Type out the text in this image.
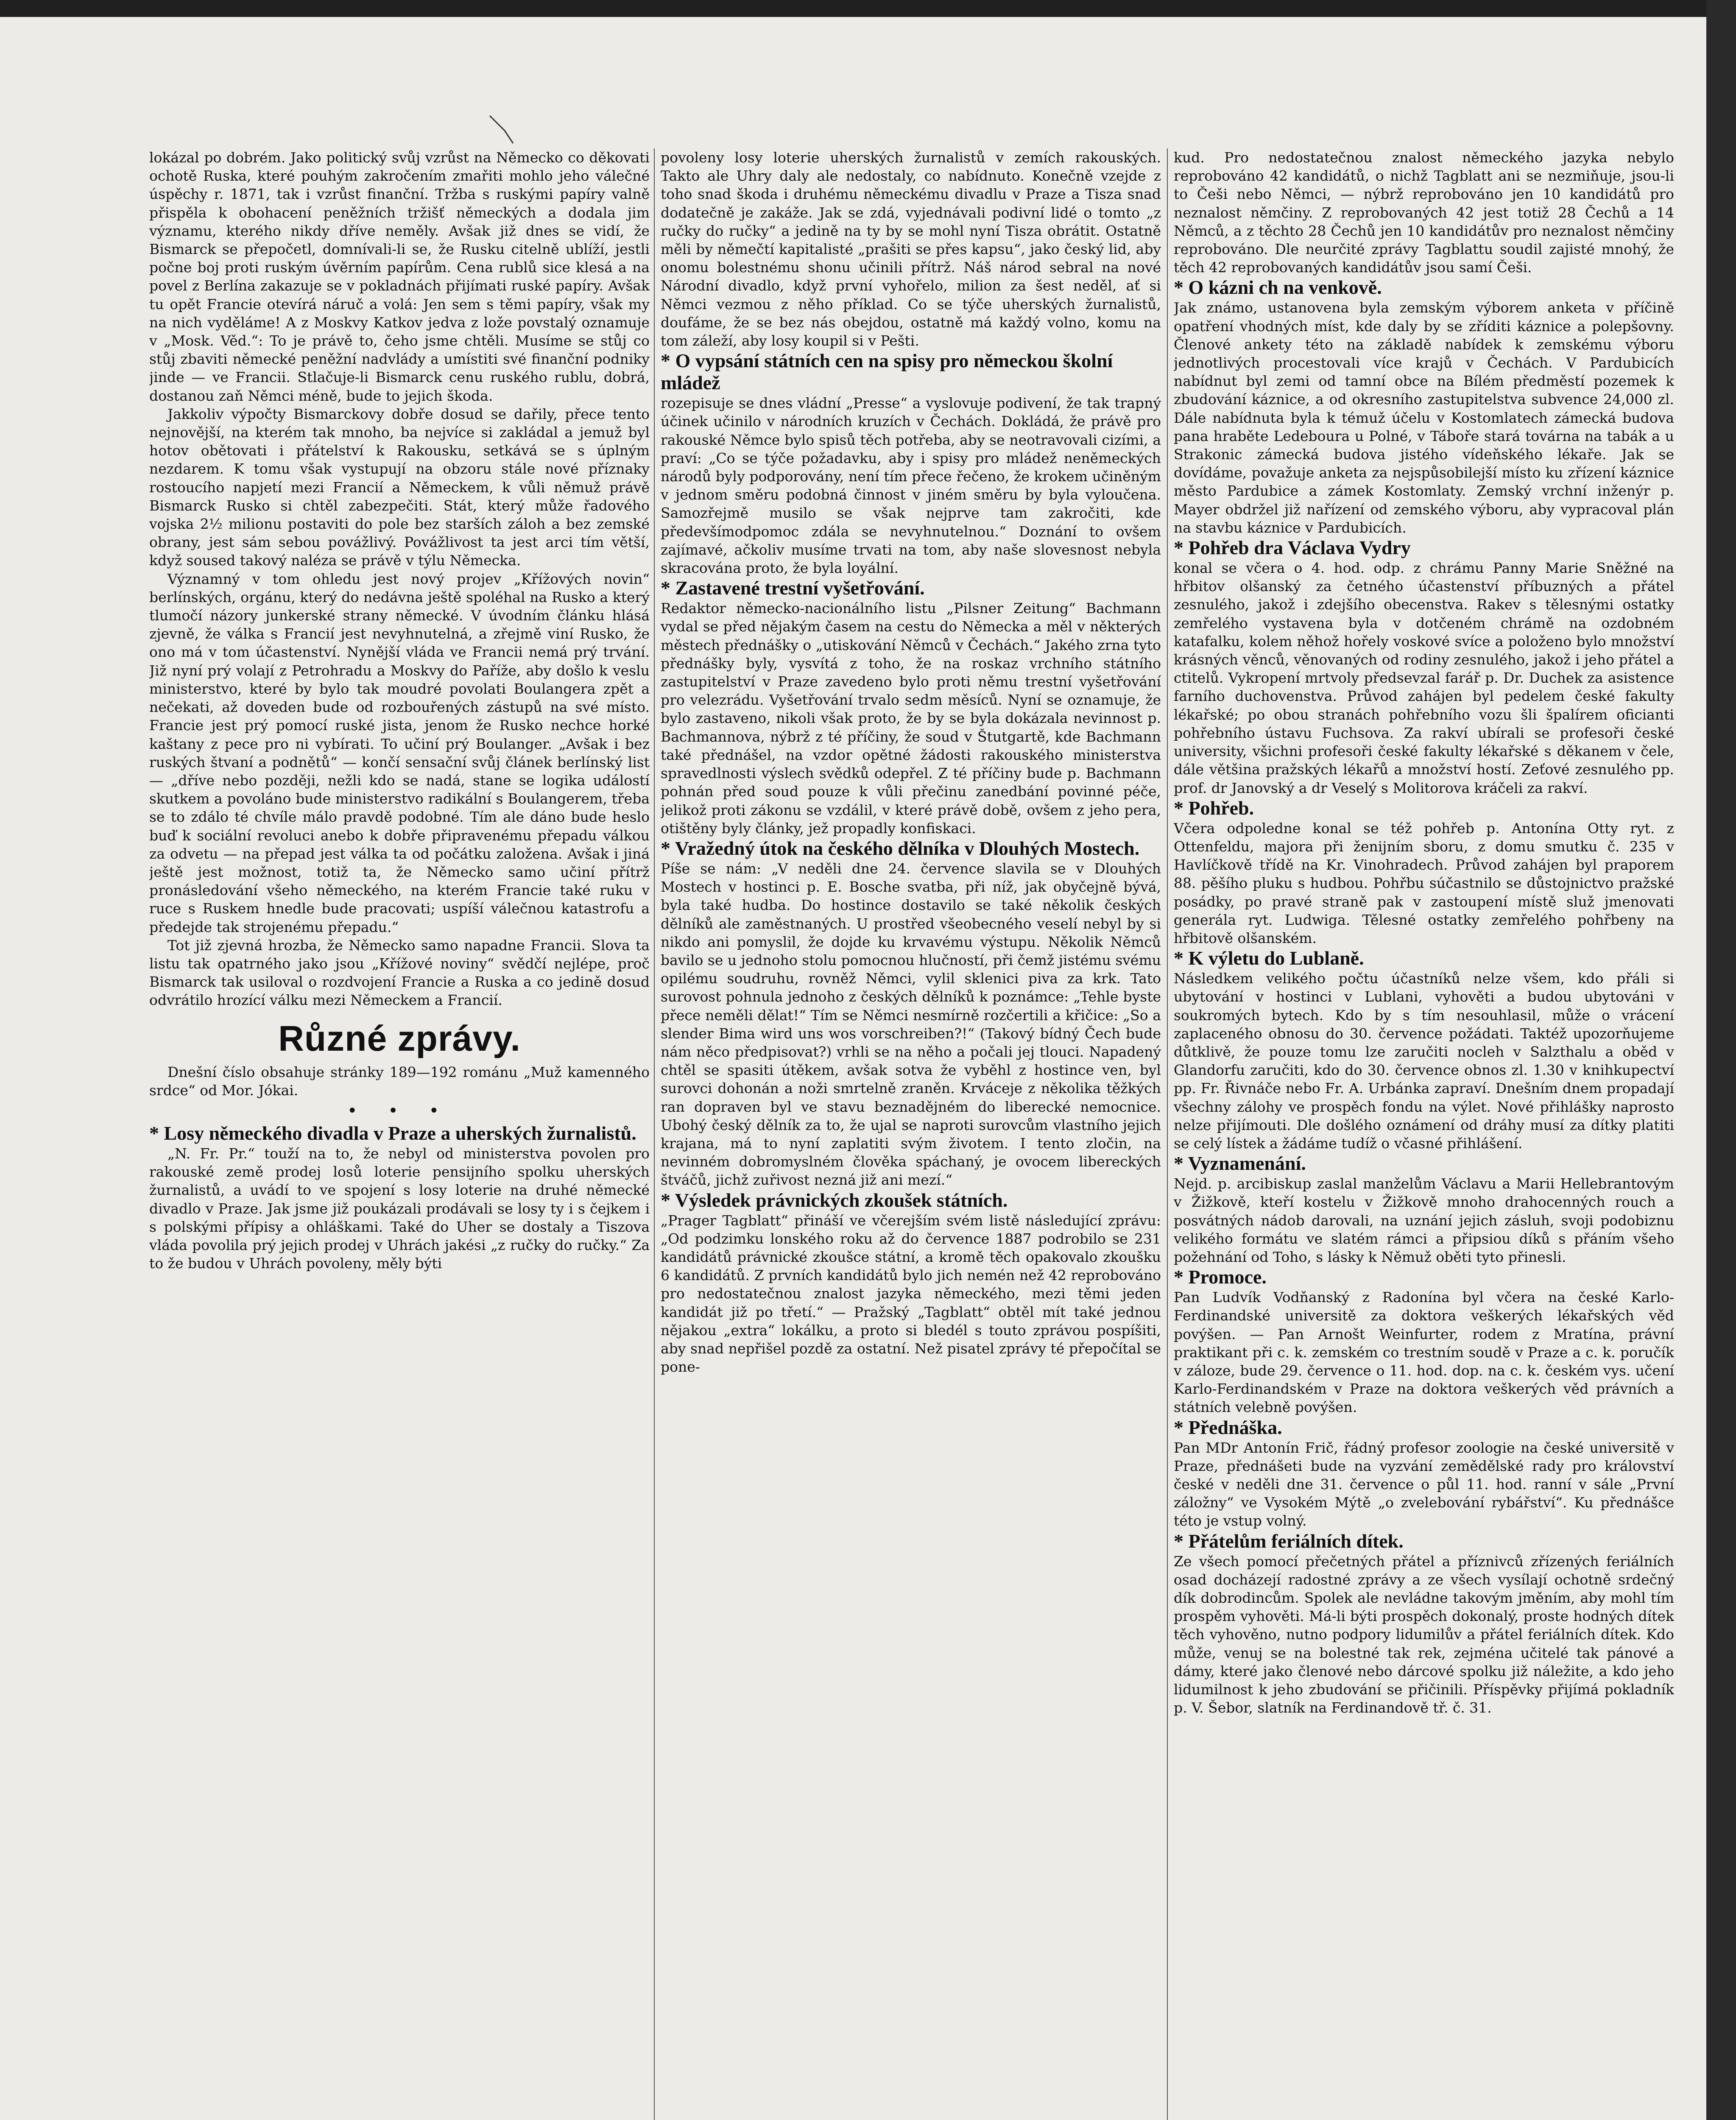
lokázal po dobrém. Jako politický svůj vzrůst na Německo co děkovati ochotě Ruska, které pouhým zakročením zmařiti mohlo jeho válečné úspěchy r. 1871, tak i vzrůst finanční. Tržba s ruskými papíry valně přispěla k obohacení peněžních tržišť německých a dodala jim významu, kterého nikdy dříve neměly. Avšak již dnes se vidí, že Bismarck se přepočetl, domnívali-li se, že Rusku citelně ublíží, jestli počne boj proti ruským úvěrním papírům. Cena rublů sice klesá a na povel z Berlína zakazuje se v pokladnách přijímati ruské papíry. Avšak tu opět Francie otevírá náruč a volá: Jen sem s těmi papíry, však my na nich vyděláme! A z Moskvy Katkov jedva z lože povstalý oznamuje v „Mosk. Věd.“: To je právě to, čeho jsme chtěli. Musíme se stůj co stůj zbaviti německé peněžní nadvlády a umístiti své finanční podniky jinde — ve Francii. Stlačuje-li Bismarck cenu ruského rublu, dobrá, dostanou zaň Němci méně, bude to jejich škoda.

Jakkoliv výpočty Bismarckovy dobře dosud se dařily, přece tento nejnovější, na kterém tak mnoho, ba nejvíce si zakládal a jemuž byl hotov obětovati i přátelství k Rakousku, setkává se s úplným nezdarem. K tomu však vystupují na obzoru stále nové příznaky rostoucího napjetí mezi Francií a Německem, k vůli němuž právě Bismarck Rusko si chtěl zabezpečiti. Stát, který může řadového vojska 2½ milionu postaviti do pole bez starších záloh a bez zemské obrany, jest sám sebou povážlivý. Povážlivost ta jest arci tím větší, když soused takový naléza se právě v týlu Německa.

Významný v tom ohledu jest nový projev „Křížových novin“ berlínských, orgánu, který do nedávna ještě spoléhal na Rusko a který tlumočí názory junkerské strany německé. V úvodním článku hlásá zjevně, že válka s Francií jest nevyhnutelná, a zřejmě viní Rusko, že ono má v tom účastenství. Nynější vláda ve Francii nemá prý trvání. Již nyní prý volají z Petrohradu a Moskvy do Paříže, aby došlo k veslu ministerstvo, které by bylo tak moudré povolati Boulangera zpět a nečekati, až doveden bude od rozbouřených zástupů na své místo. Francie jest prý pomocí ruské jista, jenom že Rusko nechce horké kaštany z pece pro ni vybírati. To učiní prý Boulanger. „Avšak i bez ruských štvaní a podnětů“ — končí sensační svůj článek berlínský list — „dříve nebo později, nežli kdo se nadá, stane se logika událostí skutkem a povoláno bude ministerstvo radikální s Boulangerem, třeba se to zdálo té chvíle málo pravdě podobné. Tím ale dáno bude heslo buď k sociální revoluci anebo k dobře připravenému přepadu válkou za odvetu — na přepad jest válka ta od počátku založena. Avšak i jiná ještě jest možnost, totiž ta, že Německo samo učiní přítrž pronásledování všeho německého, na kterém Francie také ruku v ruce s Ruskem hnedle bude pracovati; uspíší válečnou katastrofu a předejde tak strojenému přepadu.“

Tot již zjevná hrozba, že Německo samo napadne Francii. Slova ta listu tak opatrného jako jsou „Křížové noviny“ svědčí nejlépe, proč Bismarck tak usiloval o rozdvojení Francie a Ruska a co jedině dosud odvrátilo hrozící válku mezi Německem a Francií.

Různé zprávy.

Dnešní číslo obsahuje stránky 189—192 románu „Muž kamenného srdce“ od Mor. Jókai.

• • •
* Losy německého divadla v Praze a uherských žurnalistů.

„N. Fr. Pr.“ touží na to, že nebyl od ministerstva povolen pro rakouské země prodej losů loterie pensijního spolku uherských žurnalistů, a uvádí to ve spojení s losy loterie na druhé německé divadlo v Praze. Jak jsme již poukázali prodávali se losy ty i s čejkem i s polskými přípisy a ohláškami. Také do Uher se dostaly a Tiszova vláda povolila prý jejich prodej v Uhrách jakési „z ručky do ručky.“ Za to že budou v Uhrách povoleny, měly býti

povoleny losy loterie uherských žurnalistů v zemích rakouských. Takto ale Uhry daly ale nedostaly, co nabídnuto. Konečně vzejde z toho snad škoda i druhému německému divadlu v Praze a Tisza snad dodatečně je zakáže. Jak se zdá, vyjednávali podivní lidé o tomto „z ručky do ručky“ a jedině na ty by se mohl nyní Tisza obrátit. Ostatně měli by němečtí kapitalisté „prašiti se přes kapsu“, jako český lid, aby onomu bolestnému shonu učinili přítrž. Náš národ sebral na nové Národní divadlo, když první vyhořelo, milion za šest neděl, ať si Němci vezmou z něho příklad. Co se týče uherských žurnalistů, doufáme, že se bez nás obejdou, ostatně má každý volno, komu na tom záleží, aby losy koupil si v Pešti.

* O vypsání státních cen na spisy pro německou školní mládež

rozepisuje se dnes vládní „Presse“ a vyslovuje podivení, že tak trapný účinek učinilo v národních kruzích v Čechách. Dokládá, že právě pro rakouské Němce bylo spisů těch potřeba, aby se neotravovali cizími, a praví: „Co se týče požadavku, aby i spisy pro mládež neněmeckých národů byly podporovány, není tím přece řečeno, že krokem učiněným v jednom směru podobná činnost v jiném směru by byla vyloučena. Samozřejmě musilo se však nejprve tam zakročiti, kde předevšímodpomoc zdála se nevyhnutelnou.“ Doznání to ovšem zajímavé, ačkoliv musíme trvati na tom, aby naše slovesnost nebyla skracována proto, že byla loyální.

* Zastavené trestní vyšetřování.

Redaktor německo-nacionálního listu „Pilsner Zeitung“ Bachmann vydal se před nějakým časem na cestu do Německa a měl v některých městech přednášky o „utiskování Němců v Čechách.“ Jakého zrna tyto přednášky byly, vysvítá z toho, že na roskaz vrchního státního zastupitelství v Praze zavedeno bylo proti němu trestní vyšetřování pro velezrádu. Vyšetřování trvalo sedm měsíců. Nyní se oznamuje, že bylo zastaveno, nikoli však proto, že by se byla dokázala nevinnost p. Bachmannova, nýbrž z té příčiny, že soud v Štutgartě, kde Bachmann také přednášel, na vzdor opětné žádosti rakouského ministerstva spravedlnosti výslech svědků odepřel. Z té příčiny bude p. Bachmann pohnán před soud pouze k vůli přečinu zanedbání povinné péče, jelikož proti zákonu se vzdálil, v které právě době, ovšem z jeho pera, otištěny byly články, jež propadly konfiskaci.

* Vražedný útok na českého dělníka v Dlouhých Mostech.

Píše se nám: „V neděli dne 24. července slavila se v Dlouhých Mostech v hostinci p. E. Bosche svatba, při níž, jak obyčejně bývá, byla také hudba. Do hostince dostavilo se také několik českých dělníků ale zaměstnaných. U prostřed všeobecného veselí nebyl by si nikdo ani pomyslil, že dojde ku krvavému výstupu. Několik Němců bavilo se u jednoho stolu pomocnou hlučností, při čemž jistému svému opilému soudruhu, rovněž Němci, vylil sklenici piva za krk. Tato surovost pohnula jednoho z českých dělníků k poznámce: „Tehle byste přece neměli dělat!“ Tím se Němci nesmírně rozčertili a křičice: „So a slender Bima wird uns wos vorschreiben?!“ (Takový bídný Čech bude nám něco předpisovat?) vrhli se na něho a počali jej tlouci. Napadený chtěl se spasiti útěkem, avšak sotva že vyběhl z hostince ven, byl surovci dohonán a noži smrtelně zraněn. Krváceje z několika těžkých ran dopraven byl ve stavu beznadějném do liberecké nemocnice. Ubohý český dělník za to, že ujal se naproti surovcům vlastního jejich krajana, má to nyní zaplatiti svým životem. I tento zločin, na nevinném dobromyslném člověka spáchaný, je ovocem libereckých štváčů, jichž zuřivost nezná již ani mezí.“

* Výsledek právnických zkoušek státních.

„Prager Tagblatt“ přináší ve včerejším svém listě následující zprávu: „Od podzimku lonského roku až do července 1887 podrobilo se 231 kandidátů právnické zkoušce státní, a kromě těch opakovalo zkoušku 6 kandidátů. Z prvních kandidátů bylo jich nemén než 42 reprobováno pro nedostatečnou znalost jazyka německého, mezi těmi jeden kandidát již po třetí.“ — Pražský „Tagblatt“ obtěl mít také jednou nějakou „extra“ lokálku, a proto si bledél s touto zprávou pospíšiti, aby snad nepřišel pozdě za ostatní. Než pisatel zprávy té přepočítal se pone-

kud. Pro nedostatečnou znalost německého jazyka nebylo reprobováno 42 kandidátů, o nichž Tagblatt ani se nezmiňuje, jsou-li to Češi nebo Němci, — nýbrž reprobováno jen 10 kandidátů pro neznalost němčiny. Z reprobovaných 42 jest totiž 28 Čechů a 14 Němců, a z těchto 28 Čechů jen 10 kandidátův pro neznalost němčiny reprobováno. Dle neurčité zprávy Tagblattu soudil zajisté mnohý, že těch 42 reprobovaných kandidátův jsou samí Češi.

* O kázni ch na venkově.

Jak známo, ustanovena byla zemským výborem anketa v příčině opatření vhodných míst, kde daly by se zříditi káznice a polepšovny. Členové ankety této na základě nabídek k zemskému výboru jednotlivých procestovali více krajů v Čechách. V Pardubicích nabídnut byl zemi od tamní obce na Bílém předměstí pozemek k zbudování káznice, a od okresního zastupitelstva subvence 24,000 zl. Dále nabídnuta byla k témuž účelu v Kostomlatech zámecká budova pana hraběte Ledebourа u Polné, v Táboře stará továrna na tabák a u Strakonic zámecká budova jistého vídeňského lékaře. Jak se dovídáme, považuje anketa za nejspůsobilejší místo ku zřízení káznice město Pardubice a zámek Kostomlaty. Zemský vrchní inženýr p. Mayer obdržel již nařízení od zemského výboru, aby vypracoval plán na stavbu káznice v Pardubicích.

* Pohřeb dra Václava Vydry

konal se včera o 4. hod. odp. z chrámu Panny Marie Sněžné na hřbitov olšanský za četného účastenství příbuzných a přátel zesnulého, jakož i zdejšího obecenstva. Rakev s tělesnými ostatky zemřelého vystavena byla v dotčeném chrámě na ozdobném katafalku, kolem něhož hořely voskové svíce a položeno bylo množství krásných věnců, věnovaných od rodiny zesnulého, jakož i jeho přátel a ctitelů. Vykropení mrtvoly předsevzal farář p. Dr. Duchek za asistence farního duchovenstva. Průvod zahájen byl pedelem české fakulty lékařské; po obou stranách pohřebního vozu šli špalírem oficianti pohřebního ústavu Fuchsova. Za rakví ubírali se profesoři české university, všichni profesoři české fakulty lékařské s děkanem v čele, dále většina pražských lékařů a množství hostí. Zeťové zesnulého pp. prof. dr Janovský a dr Veselý s Molitorova kráčeli za rakví.

* Pohřeb.

Včera odpoledne konal se též pohřeb p. Antonína Otty ryt. z Ottenfeldu, majora při ženijním sboru, z domu smutku č. 235 v Havlíčkově třídě na Kr. Vinohradech. Průvod zahájen byl praporem 88. pěšího pluku s hudbou. Pohřbu súčastnilo se důstojnictvo pražské posádky, po pravé straně pak v zastoupení místě služ jmenovati generála ryt. Ludwiga. Tělesné ostatky zemřelého pohřbeny na hřbitově olšanském.

* K výletu do Lublaně.

Následkem velikého počtu účastníků nelze všem, kdo přáli si ubytování v hostinci v Lublani, vyhověti a budou ubytováni v soukromých bytech. Kdo by s tím nesouhlasil, může o vrácení zaplaceného obnosu do 30. července požádati. Taktéž upozorňujeme důtklivě, že pouze tomu lze zaručiti nocleh v Salzthalu a oběd v Glandorfu zaručiti, kdo do 30. července obnos zl. 1.30 v knihkupectví pp. Fr. Řivnáče nebo Fr. A. Urbánka zapraví. Dnešním dnem propadají všechny zálohy ve prospěch fondu na výlet. Nové přihlášky naprosto nelze přijímouti. Dle došlého oznámení od dráhy musí za dítky platiti se celý lístek a žádáme tudíž o včasné přihlášení.

* Vyznamenání.

Nejd. p. arcibiskup zaslal manželům Václavu a Marii Hellebrantovým v Žižkově, kteří kostelu v Žižkově mnoho drahocenných rouch a posvátných nádob darovali, na uznání jejich zásluh, svoji podobiznu velikého formátu ve slatém rámci a připsiou díků s přáním všeho požehnání od Toho, s lásky k Němuž oběti tyto přinesli.

* Promoce.

Pan Ludvík Vodňanský z Radonína byl včera na české Karlo-Ferdinandské universitě za doktora veškerých lékařských věd povýšen. — Pan Arnošt Weinfurter, rodem z Mratína, právní praktikant při c. k. zemském co trestním soudě v Praze a c. k. poručík v záloze, bude 29. července o 11. hod. dop. na c. k. českém vys. učení Karlo-Ferdinandském v Praze na doktora veškerých věd právních a státních velebně povýšen.

* Přednáška.

Pan MDr Antonín Frič, řádný profesor zoologie na české universitě v Praze, přednášeti bude na vyzvání zemědělské rady pro království české v neděli dne 31. července o půl 11. hod. ranní v sále „První záložny“ ve Vysokém Mýtě „o zvelebování rybářství“. Ku přednášce této je vstup volný.

* Přátelům feriálních dítek.

Ze všech pomocí přečetných přátel a příznivců zřízených feriálních osad docházejí radostné zprávy a ze všech vysílají ochotně srdečný dík dobrodincům. Spolek ale nevládne takovým jměním, aby mohl tím prospěm vyhověti. Má-li býti prospěch dokonalý, proste hodných dítek těch vyhověno, nutno podpory lidumilův a přátel feriálních dítek. Kdo může, venuj se na bolestné tak rek, zejména učitelé tak pánové a dámy, které jako členové nebo dárcové spolku již náležite, a kdo jeho lidumilnost k jeho zbudování se přičinili. Příspěvky přijímá pokladník p. V. Šebor, slatník na Ferdinandově tř. č. 31.
